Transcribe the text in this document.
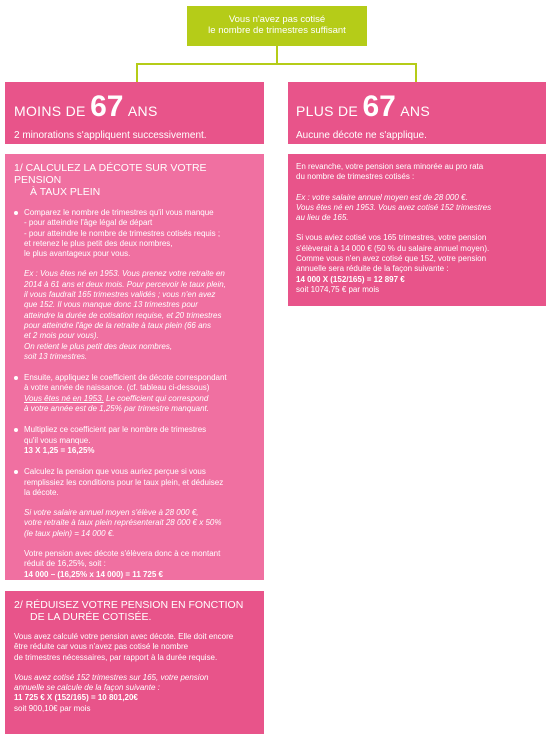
Vous n'avez pas cotisé

le nombre de trimestres suffisant

MOINS DE 67 ANS

2 minorations s'appliquent successivement.

PLUS DE 67 ANS

Aucune décote ne s'applique.

1/ CALCULEZ LA DÉCOTE SUR VOTRE PENSION

À TAUX PLEIN

Comparez le nombre de trimestres qu'il vous manque

- pour atteindre l'âge légal de départ

- pour atteindre le nombre de trimestres cotisés requis ;

et retenez le plus petit des deux nombres,

le plus avantageux pour vous.

Ex : Vous êtes né en 1953. Vous prenez votre retraite en

2014 à 61 ans et deux mois. Pour percevoir le taux plein,

il vous faudrait 165 trimestres validés ; vous n'en avez

que 152. Il vous manque donc 13 trimestres pour

atteindre la durée de cotisation requise, et 20 trimestres

pour atteindre l'âge de la retraite à taux plein (66 ans

et 2 mois pour vous).

On retient le plus petit des deux nombres,

soit 13 trimestres.

Ensuite, appliquez le coefficient de décote correspondant

à votre année de naissance. (cf. tableau ci-dessous)

Vous êtes né en 1953. Le coefficient qui correspond

à votre année est de 1,25% par trimestre manquant.

Multipliez ce coefficient par le nombre de trimestres

qu'il vous manque.

13 X 1,25 = 16,25%

Calculez la pension que vous auriez perçue si vous

remplissiez les conditions pour le taux plein, et déduisez

la décote.

Si votre salaire annuel moyen s'élève à 28 000 €,

votre retraite à taux plein représenterait 28 000 € x 50%

(le taux plein) = 14 000 €.

Votre pension avec décote s'élèvera donc à ce montant

réduit de 16,25%, soit :

14 000 – (16,25% x 14 000) = 11 725 €

2/ RÉDUISEZ VOTRE PENSION EN FONCTION

DE LA DURÉE COTISÉE.

Vous avez calculé votre pension avec décote. Elle doit encore

être réduite car vous n'avez pas cotisé le nombre

de trimestres nécessaires, par rapport à la durée requise.

Vous avez cotisé 152 trimestres sur 165, votre pension

annuelle se calcule de la façon suivante :

11 725 € X (152/165) = 10 801,20€

soit 900,10€ par mois

En revanche, votre pension sera minorée au pro rata

du nombre de trimestres cotisés :

Ex : votre salaire annuel moyen est de 28 000 €.

Vous êtes né en 1953. Vous avez cotisé 152 trimestres

au lieu de 165.

Si vous aviez cotisé vos 165 trimestres, votre pension

s'élèverait à 14 000 € (50 % du salaire annuel moyen).

Comme vous n'en avez cotisé que 152, votre pension

annuelle sera réduite de la façon suivante :

14 000 X (152/165) = 12 897 €

soit 1074,75 € par mois
